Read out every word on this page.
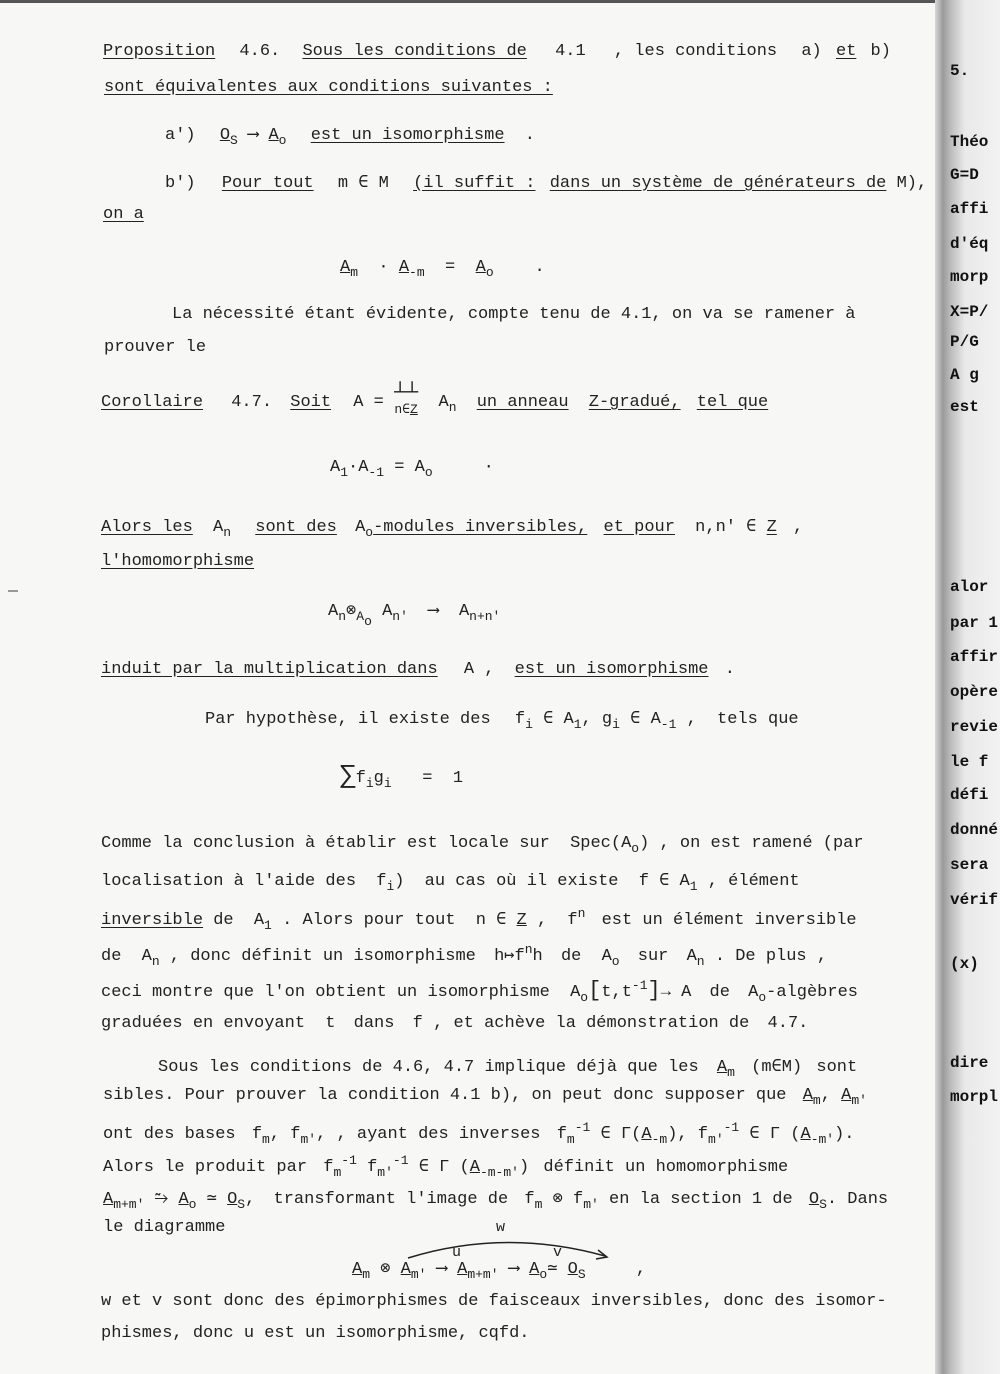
5.
Théo
G=D
affi
d'éq
morp
X=P/
P/G
A g
est
alor
par 1
affir
opère
revie
le f
défi
donné
sera
vérif
(x)
dire
morpl
Proposition 4.6. Sous les conditions de 4.1 , les conditions a) et b)
sont équivalentes aux conditions suivantes :
a') $O_S$ ⟶ $A_o$ est un isomorphisme .
b') Pour tout m ∈ M (il suffit : dans un système de générateurs de M),
on a
$A_m \cdot A_{-m} = A_o$    .
La nécessité étant évidente, compte tenu de 4.1, on va se ramener à
prouver le
Corollaire 4.7. Soit A = ┴┴
n∈Z  $A_n$ un anneau Z-gradué, tel que
$A_1\cdot A_{-1} = A_o$     ·
Alors les $A_n$ sont des $A_o$-modules inversibles, et pour n,n' ∈ Z ,
l'homomorphisme
$A_n\otimes_{A_o}$ $A_{n'}$  ⟶  $A_{n+n'}$
induit par la multiplication dans A , est un isomorphisme .
Par hypothèse, il existe des $f_i$ ∈ $A_1$, $g_i$ ∈ $A_{-1}$ , tels que
$\sum f_ig_i = 1$
Comme la conclusion à établir est locale sur $Spec(A_o)$ , on est ramené (par
localisation à l'aide des $f_i$) au cas où il existe f ∈ $A_1$ , élément
inversible de $A_1$ . Alors pour tout n ∈ Z , $f^n$ est un élément inversible
de $A_n$ , donc définit un isomorphisme $h↦f^nh$ de $A_o$ sur $A_n$ . De plus ,
ceci montre que l'on obtient un isomorphisme $A_o[t,t^{-1}]\to A$ de $A_o$-algèbres
graduées en envoyant t dans f , et achève la démonstration de 4.7.
Sous les conditions de 4.6, 4.7 implique déjà que les $A_m$ (m∈M) sont
sibles. Pour prouver la condition 4.1 b), on peut donc supposer que $A_m$, $A_{m'}$
ont des bases $f_m$, $f_{m'}$, , ayant des inverses $f_m^{-1}$ ∈ $\Gamma(A_{-m})$, $f_{m'}^{-1}$ ∈ Γ $(A_{-m'})$.
Alors le produit par $f_m^{-1}$ $f_{m'}^{-1}$ ∈ Γ $(A_{-m-m'})$ définit un homomorphisme
$A_{m+m'}$ ⥲ $A_o$ ≃ $O_S$, transformant l'image de $f_m$ ⊗ $f_{m'}$ en la section 1 de $O_S$. Dans
le diagramme	w
u	v
$A_m$ ⊗ $A_{m'}$ ⟶ $A_{m+m'}$ ⟶ $A_o≃$ $O_S$	,
w et v sont donc des épimorphismes de faisceaux inversibles, donc des isomor-
phismes, donc u est un isomorphisme, cqfd.
